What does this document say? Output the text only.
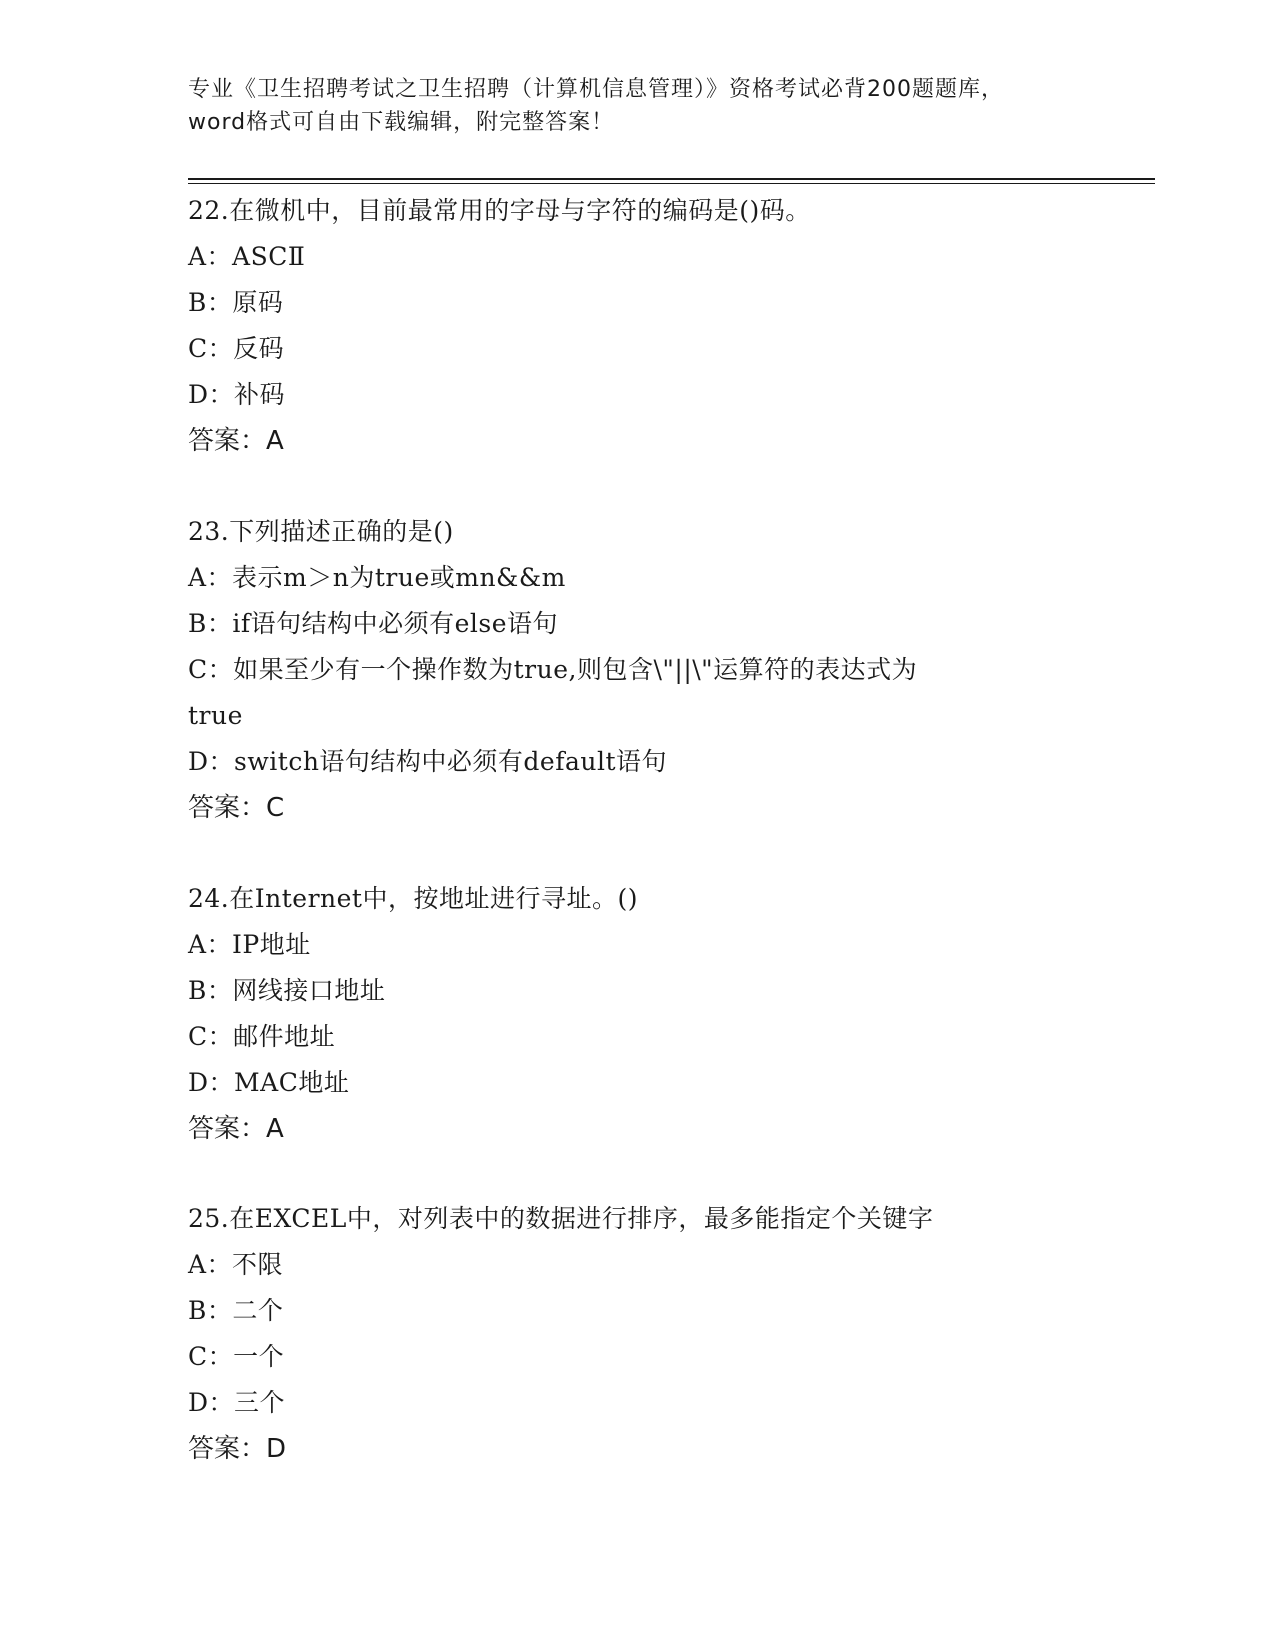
专业《卫生招聘考试之卫生招聘（计算机信息管理）》资格考试必背200题题库，
word格式可自由下载编辑，附完整答案！
22.在微机中，目前最常用的字母与字符的编码是()码。
A：ASCⅡ
B：原码
C：反码
D：补码
答案：A
23.下列描述正确的是()
A：表示m＞n为true或mn&&m
B：if语句结构中必须有else语句
C：如果至少有一个操作数为true,则包含\"||\"运算符的表达式为
true
D：switch语句结构中必须有default语句
答案：C
24.在Internet中，按地址进行寻址。()
A：IP地址
B：网线接口地址
C：邮件地址
D：MAC地址
答案：A
25.在EXCEL中，对列表中的数据进行排序，最多能指定个关键字
A：不限
B：二个
C：一个
D：三个
答案：D
